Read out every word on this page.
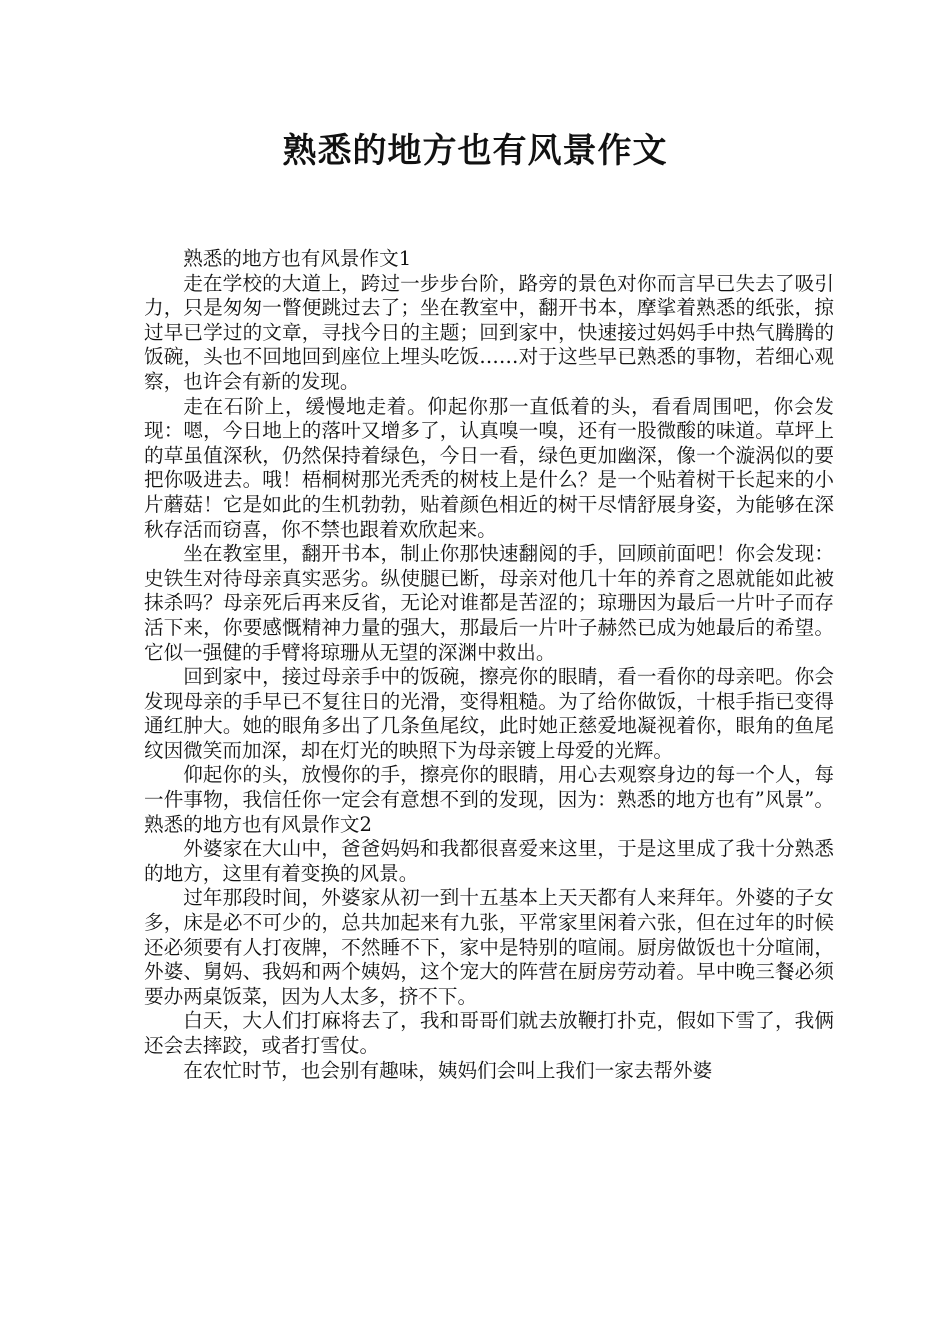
熟悉的地方也有风景作文

熟悉的地方也有风景作文1

走在学校的大道上，跨过一步步台阶，路旁的景色对你而言早已失去了吸引力，只是匆匆一瞥便跳过去了；坐在教室中，翻开书本，摩挲着熟悉的纸张，掠过早已学过的文章，寻找今日的主题；回到家中，快速接过妈妈手中热气腾腾的饭碗，头也不回地回到座位上埋头吃饭……对于这些早已熟悉的事物，若细心观察，也许会有新的发现。

走在石阶上，缓慢地走着。仰起你那一直低着的头，看看周围吧，你会发现：嗯，今日地上的落叶又增多了，认真嗅一嗅，还有一股微酸的味道。草坪上的草虽值深秋，仍然保持着绿色，今日一看，绿色更加幽深，像一个漩涡似的要把你吸进去。哦！梧桐树那光秃秃的树枝上是什么？是一个贴着树干长起来的小片蘑菇！它是如此的生机勃勃，贴着颜色相近的树干尽情舒展身姿，为能够在深秋存活而窃喜，你不禁也跟着欢欣起来。

坐在教室里，翻开书本，制止你那快速翻阅的手，回顾前面吧！你会发现：史铁生对待母亲真实恶劣。纵使腿已断，母亲对他几十年的养育之恩就能如此被抹杀吗？母亲死后再来反省，无论对谁都是苦涩的；琼珊因为最后一片叶子而存活下来，你要感慨精神力量的强大，那最后一片叶子赫然已成为她最后的希望。它似一强健的手臂将琼珊从无望的深渊中救出。

回到家中，接过母亲手中的饭碗，擦亮你的眼睛，看一看你的母亲吧。你会发现母亲的手早已不复往日的光滑，变得粗糙。为了给你做饭，十根手指已变得通红肿大。她的眼角多出了几条鱼尾纹，此时她正慈爱地凝视着你，眼角的鱼尾纹因微笑而加深，却在灯光的映照下为母亲镀上母爱的光辉。

仰起你的头，放慢你的手，擦亮你的眼睛，用心去观察身边的每一个人，每一件事物，我信任你一定会有意想不到的发现，因为：熟悉的地方也有”风景”。熟悉的地方也有风景作文2

外婆家在大山中，爸爸妈妈和我都很喜爱来这里，于是这里成了我十分熟悉的地方，这里有着变换的风景。

过年那段时间，外婆家从初一到十五基本上天天都有人来拜年。外婆的子女多，床是必不可少的，总共加起来有九张，平常家里闲着六张，但在过年的时候还必须要有人打夜牌，不然睡不下，家中是特别的喧闹。厨房做饭也十分喧闹，外婆、舅妈、我妈和两个姨妈，这个宠大的阵营在厨房劳动着。早中晚三餐必须要办两桌饭菜，因为人太多，挤不下。

白天，大人们打麻将去了，我和哥哥们就去放鞭打扑克，假如下雪了，我俩还会去摔跤，或者打雪仗。

在农忙时节，也会别有趣味，姨妈们会叫上我们一家去帮外婆
